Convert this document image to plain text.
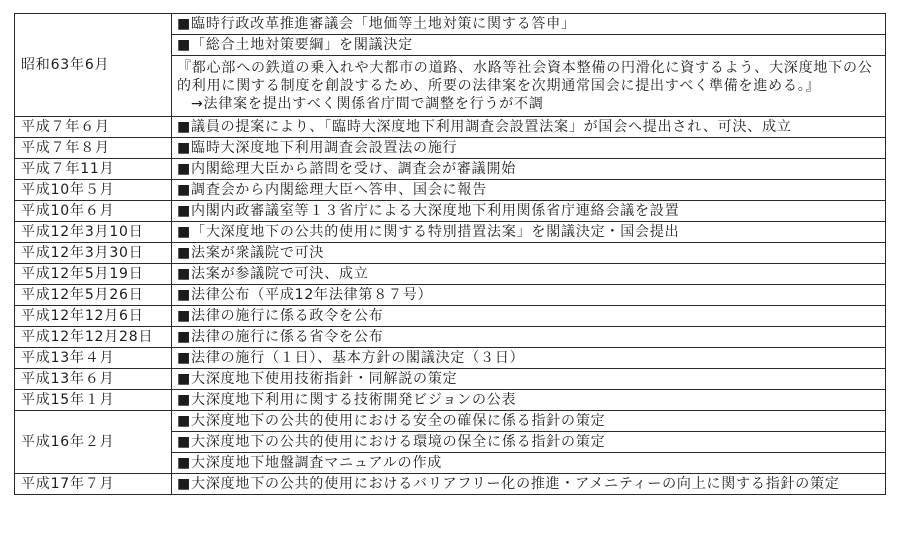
昭和63年6月	■臨時行政改革推進審議会「地価等土地対策に関する答申」
	■「総合土地対策要綱」を閣議決定

	『都心部への鉄道の乗入れや大都市の道路、水路等社会資本整備の円滑化に資するよう、大深度地下の公的利用に関する制度を創設するため、所要の法律案を次期通常国会に提出すべく準備を進める。』
→法律案を提出すべく関係省庁間で調整を行うが不調

平成７年６月	■議員の提案により、「臨時大深度地下利用調査会設置法案」が国会へ提出され、可決、成立
平成７年８月	■臨時大深度地下利用調査会設置法の施行
平成７年11月	■内閣総理大臣から諮問を受け、調査会が審議開始
平成10年５月	■調査会から内閣総理大臣へ答申、国会に報告
平成10年６月	■内閣内政審議室等１３省庁による大深度地下利用関係省庁連絡会議を設置
平成12年3月10日	■「大深度地下の公共的使用に関する特別措置法案」を閣議決定・国会提出
平成12年3月30日	■法案が衆議院で可決
平成12年5月19日	■法案が参議院で可決、成立
平成12年5月26日	■法律公布（平成12年法律第８７号）
平成12年12月6日	■法律の施行に係る政令を公布
平成12年12月28日	■法律の施行に係る省令を公布
平成13年４月	■法律の施行（１日）、基本方針の閣議決定（３日）
平成13年６月	■大深度地下使用技術指針・同解説の策定
平成15年１月	■大深度地下利用に関する技術開発ビジョンの公表
平成16年２月	■大深度地下の公共的使用における安全の確保に係る指針の策定
	■大深度地下の公共的使用における環境の保全に係る指針の策定
	■大深度地下地盤調査マニュアルの作成
平成17年７月	■大深度地下の公共的使用におけるバリアフリー化の推進・アメニティーの向上に関する指針の策定
